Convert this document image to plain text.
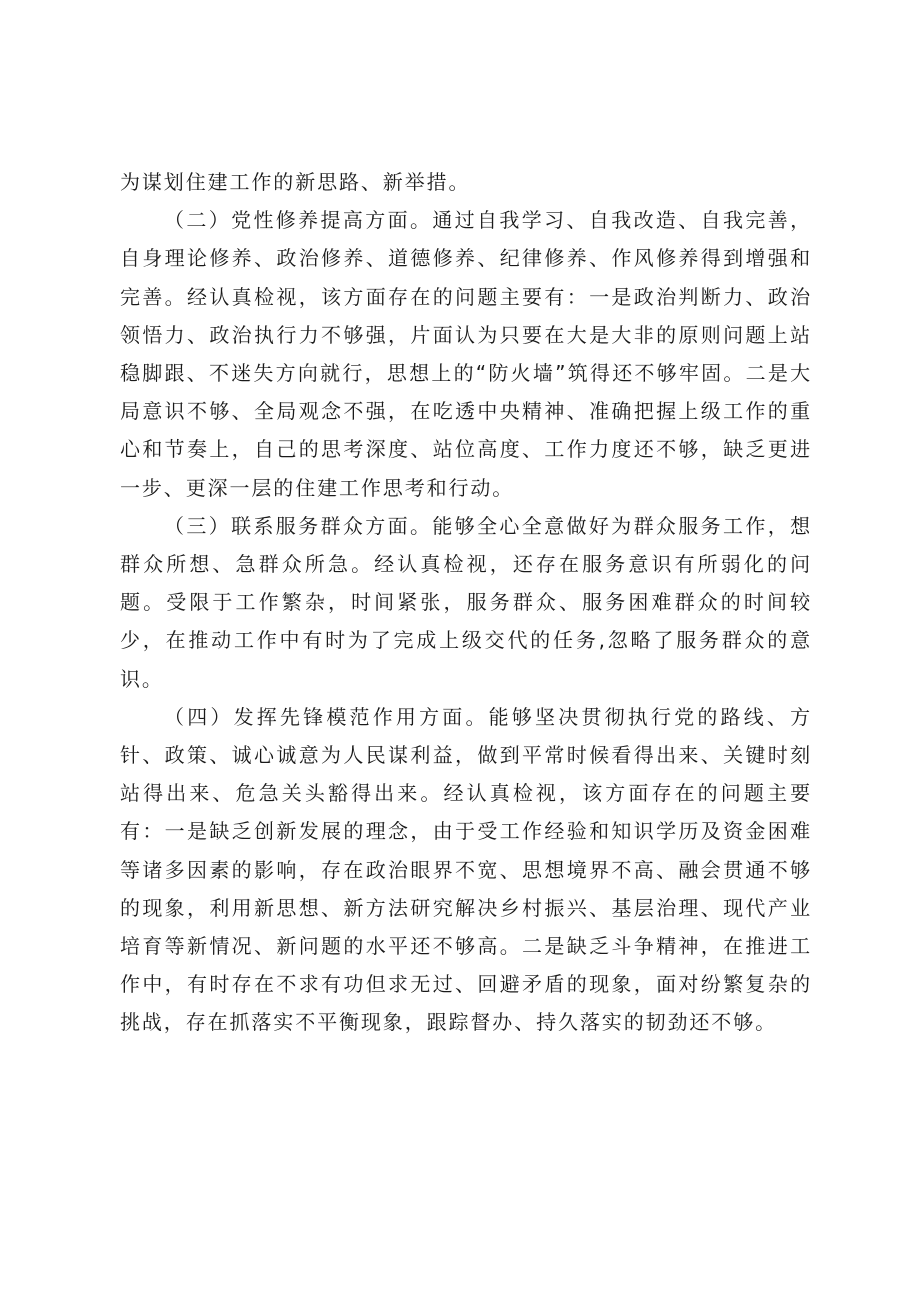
为谋划住建工作的新思路、新举措。

（二）党性修养提高方面。通过自我学习、自我改造、自我完善，自身理论修养、政治修养、道德修养、纪律修养、作风修养得到增强和完善。经认真检视，该方面存在的问题主要有：一是政治判断力、政治领悟力、政治执行力不够强，片面认为只要在大是大非的原则问题上站稳脚跟、不迷失方向就行，思想上的“防火墙”筑得还不够牢固。二是大局意识不够、全局观念不强，在吃透中央精神、准确把握上级工作的重心和节奏上，自己的思考深度、站位高度、工作力度还不够，缺乏更进一步、更深一层的住建工作思考和行动。

（三）联系服务群众方面。能够全心全意做好为群众服务工作，想群众所想、急群众所急。经认真检视，还存在服务意识有所弱化的问题。受限于工作繁杂，时间紧张，服务群众、服务困难群众的时间较少，在推动工作中有时为了完成上级交代的任务,忽略了服务群众的意识。

（四）发挥先锋模范作用方面。能够坚决贯彻执行党的路线、方针、政策、诚心诚意为人民谋利益，做到平常时候看得出来、关键时刻站得出来、危急关头豁得出来。经认真检视，该方面存在的问题主要有：一是缺乏创新发展的理念，由于受工作经验和知识学历及资金困难等诸多因素的影响，存在政治眼界不宽、思想境界不高、融会贯通不够的现象，利用新思想、新方法研究解决乡村振兴、基层治理、现代产业培育等新情况、新问题的水平还不够高。二是缺乏斗争精神，在推进工作中，有时存在不求有功但求无过、回避矛盾的现象，面对纷繁复杂的挑战，存在抓落实不平衡现象，跟踪督办、持久落实的韧劲还不够。
